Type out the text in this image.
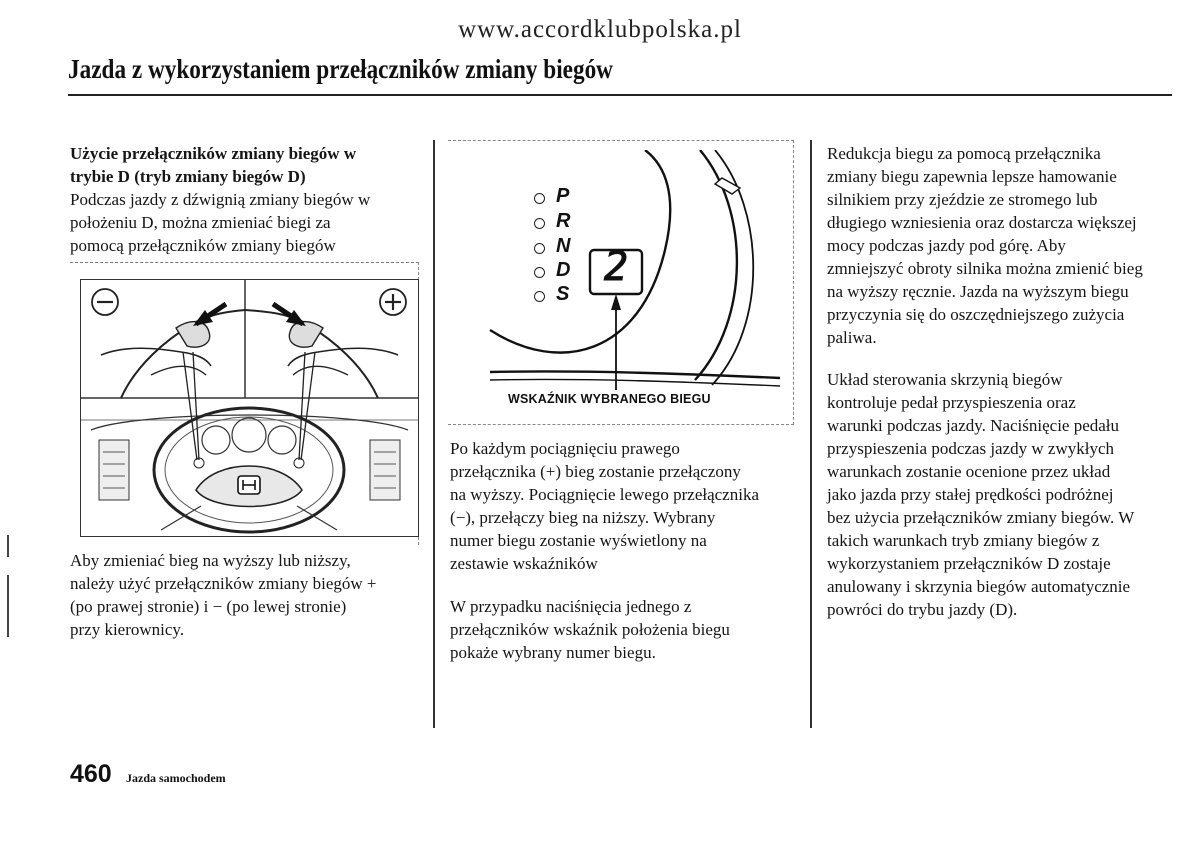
www.accordklubpolska.pl
Jazda z wykorzystaniem przełączników zmiany biegów
Użycie przełączników zmiany biegów w
trybie D (tryb zmiany biegów D)
Podczas jazdy z dźwignią zmiany biegów w
położeniu D, można zmieniać biegi za
pomocą przełączników zmiany biegów
Aby zmieniać bieg na wyższy lub niższy,
należy użyć przełączników zmiany biegów +
(po prawej stronie) i − (po lewej stronie)
przy kierownicy.
P
R
N
D
S
2
WSKAŹNIK WYBRANEGO BIEGU
Po każdym pociągnięciu prawego
przełącznika (+) bieg zostanie przełączony
na wyższy. Pociągnięcie lewego przełącznika
(−), przełączy bieg na niższy. Wybrany
numer biegu zostanie wyświetlony na
zestawie wskaźników
W przypadku naciśnięcia jednego z
przełączników wskaźnik położenia biegu
pokaże wybrany numer biegu.
Redukcja biegu za pomocą przełącznika
zmiany biegu zapewnia lepsze hamowanie
silnikiem przy zjeździe ze stromego lub
długiego wzniesienia oraz dostarcza większej
mocy podczas jazdy pod górę. Aby
zmniejszyć obroty silnika można zmienić bieg
na wyższy ręcznie. Jazda na wyższym biegu
przyczynia się do oszczędniejszego zużycia
paliwa.
Układ sterowania skrzynią biegów
kontroluje pedał przyspieszenia oraz
warunki podczas jazdy. Naciśnięcie pedału
przyspieszenia podczas jazdy w zwykłych
warunkach zostanie ocenione przez układ
jako jazda przy stałej prędkości podróżnej
bez użycia przełączników zmiany biegów. W
takich warunkach tryb zmiany biegów z
wykorzystaniem przełączników D zostaje
anulowany i skrzynia biegów automatycznie
powróci do trybu jazdy (D).
460 Jazda samochodem
